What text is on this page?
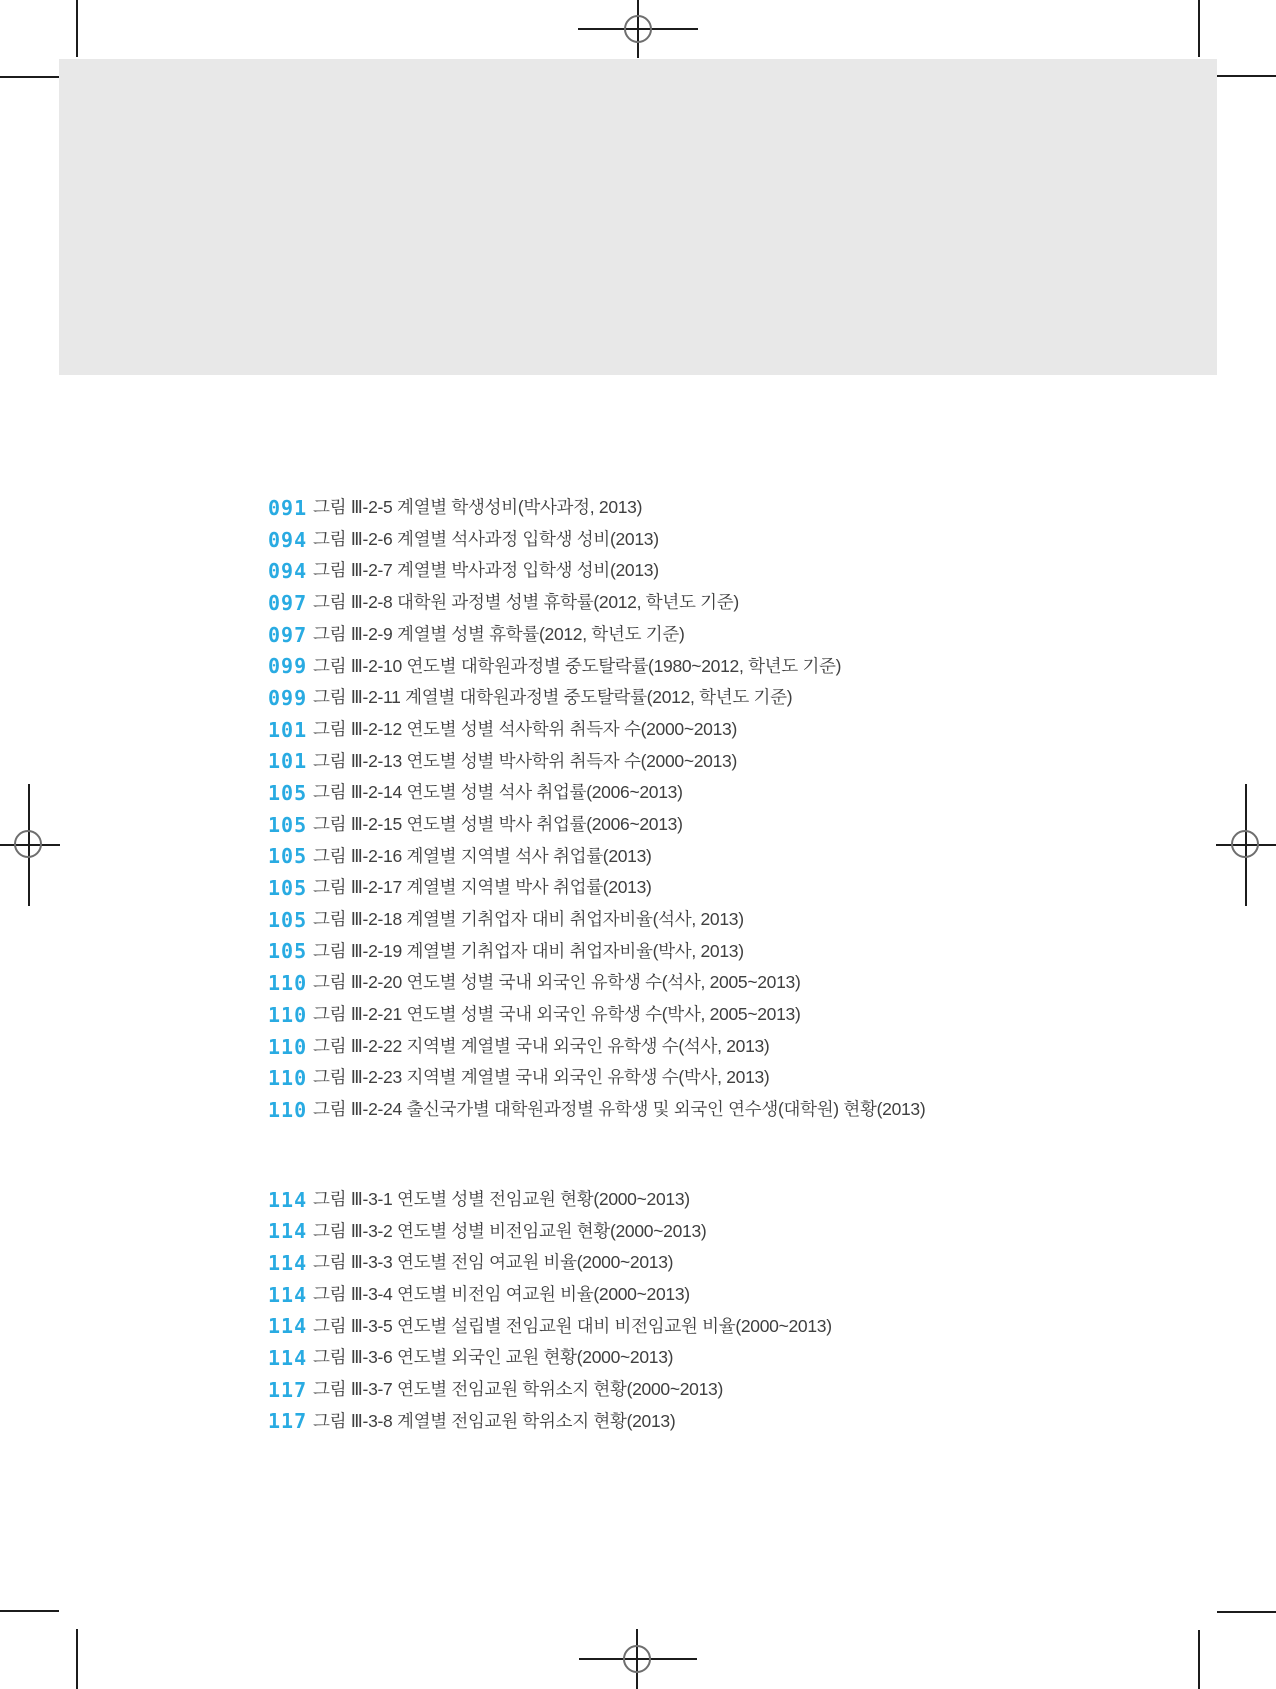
091 그림 Ⅲ-2-5 계열별 학생성비(박사과정, 2013)
094 그림 Ⅲ-2-6 계열별 석사과정 입학생 성비(2013)
094 그림 Ⅲ-2-7 계열별 박사과정 입학생 성비(2013)
097 그림 Ⅲ-2-8 대학원 과정별 성별 휴학률(2012, 학년도 기준)
097 그림 Ⅲ-2-9 계열별 성별 휴학률(2012, 학년도 기준)
099 그림 Ⅲ-2-10 연도별 대학원과정별 중도탈락률(1980~2012, 학년도 기준)
099 그림 Ⅲ-2-11 계열별 대학원과정별 중도탈락률(2012, 학년도 기준)
101 그림 Ⅲ-2-12 연도별 성별 석사학위 취득자 수(2000~2013)
101 그림 Ⅲ-2-13 연도별 성별 박사학위 취득자 수(2000~2013)
105 그림 Ⅲ-2-14 연도별 성별 석사 취업률(2006~2013)
105 그림 Ⅲ-2-15 연도별 성별 박사 취업률(2006~2013)
105 그림 Ⅲ-2-16 계열별 지역별 석사 취업률(2013)
105 그림 Ⅲ-2-17 계열별 지역별 박사 취업률(2013)
105 그림 Ⅲ-2-18 계열별 기취업자 대비 취업자비율(석사, 2013)
105 그림 Ⅲ-2-19 계열별 기취업자 대비 취업자비율(박사, 2013)
110 그림 Ⅲ-2-20 연도별 성별 국내 외국인 유학생 수(석사, 2005~2013)
110 그림 Ⅲ-2-21 연도별 성별 국내 외국인 유학생 수(박사, 2005~2013)
110 그림 Ⅲ-2-22 지역별 계열별 국내 외국인 유학생 수(석사, 2013)
110 그림 Ⅲ-2-23 지역별 계열별 국내 외국인 유학생 수(박사, 2013)
110 그림 Ⅲ-2-24 출신국가별 대학원과정별 유학생 및 외국인 연수생(대학원) 현황(2013)
114 그림 Ⅲ-3-1 연도별 성별 전임교원 현황(2000~2013)
114 그림 Ⅲ-3-2 연도별 성별 비전임교원 현황(2000~2013)
114 그림 Ⅲ-3-3 연도별 전임 여교원 비율(2000~2013)
114 그림 Ⅲ-3-4 연도별 비전임 여교원 비율(2000~2013)
114 그림 Ⅲ-3-5 연도별 설립별 전임교원 대비 비전임교원 비율(2000~2013)
114 그림 Ⅲ-3-6 연도별 외국인 교원 현황(2000~2013)
117 그림 Ⅲ-3-7 연도별 전임교원 학위소지 현황(2000~2013)
117 그림 Ⅲ-3-8 계열별 전임교원 학위소지 현황(2013)
